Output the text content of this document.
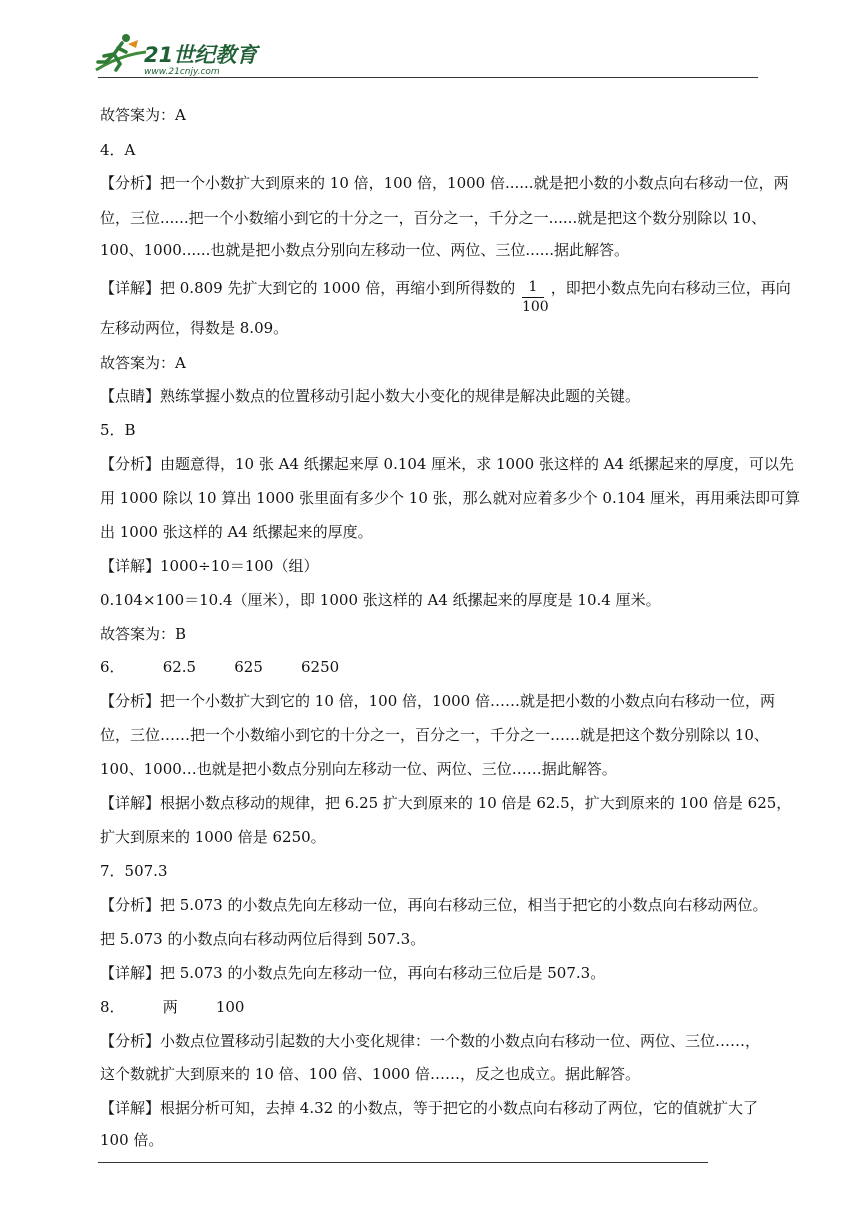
21世纪教育
www.21cnjy.com
故答案为：A
4．A
【分析】把一个小数扩大到原来的 10 倍，100 倍，1000 倍......就是把小数的小数点向右移动一位，两
位，三位......把一个小数缩小到它的十分之一，百分之一，千分之一......就是把这个数分别除以 10、
100、1000......也就是把小数点分别向左移动一位、两位、三位......据此解答。
【详解】把 0.809 先扩大到它的 1000 倍，再缩小到所得数的 1
100
，即把小数点先向右移动三位，再向
左移动两位，得数是 8.09。
故答案为：A
【点睛】熟练掌握小数点的位置移动引起小数大小变化的规律是解决此题的关键。
5．B
【分析】由题意得，10 张 A4 纸摞起来厚 0.104 厘米，求 1000 张这样的 A4 纸摞起来的厚度，可以先
用 1000 除以 10 算出 1000 张里面有多少个 10 张，那么就对应着多少个 0.104 厘米，再用乘法即可算
出 1000 张这样的 A4 纸摞起来的厚度。
【详解】1000÷10＝100（组）
0.104×100＝10.4（厘米），即 1000 张这样的 A4 纸摞起来的厚度是 10.4 厘米。
故答案为：B
6．        62.5        625        6250
【分析】把一个小数扩大到它的 10 倍，100 倍，1000 倍……就是把小数的小数点向右移动一位，两
位，三位……把一个小数缩小到它的十分之一，百分之一，千分之一……就是把这个数分别除以 10、
100、1000…也就是把小数点分别向左移动一位、两位、三位……据此解答。
【详解】根据小数点移动的规律，把 6.25 扩大到原来的 10 倍是 62.5，扩大到原来的 100 倍是 625，
扩大到原来的 1000 倍是 6250。
7．507.3
【分析】把 5.073 的小数点先向左移动一位，再向右移动三位，相当于把它的小数点向右移动两位。
把 5.073 的小数点向右移动两位后得到 507.3。
【详解】把 5.073 的小数点先向左移动一位，再向右移动三位后是 507.3。
8．        两        100
【分析】小数点位置移动引起数的大小变化规律：一个数的小数点向右移动一位、两位、三位……，
这个数就扩大到原来的 10 倍、100 倍、1000 倍……，反之也成立。据此解答。
【详解】根据分析可知，去掉 4.32 的小数点，等于把它的小数点向右移动了两位，它的值就扩大了
100 倍。
